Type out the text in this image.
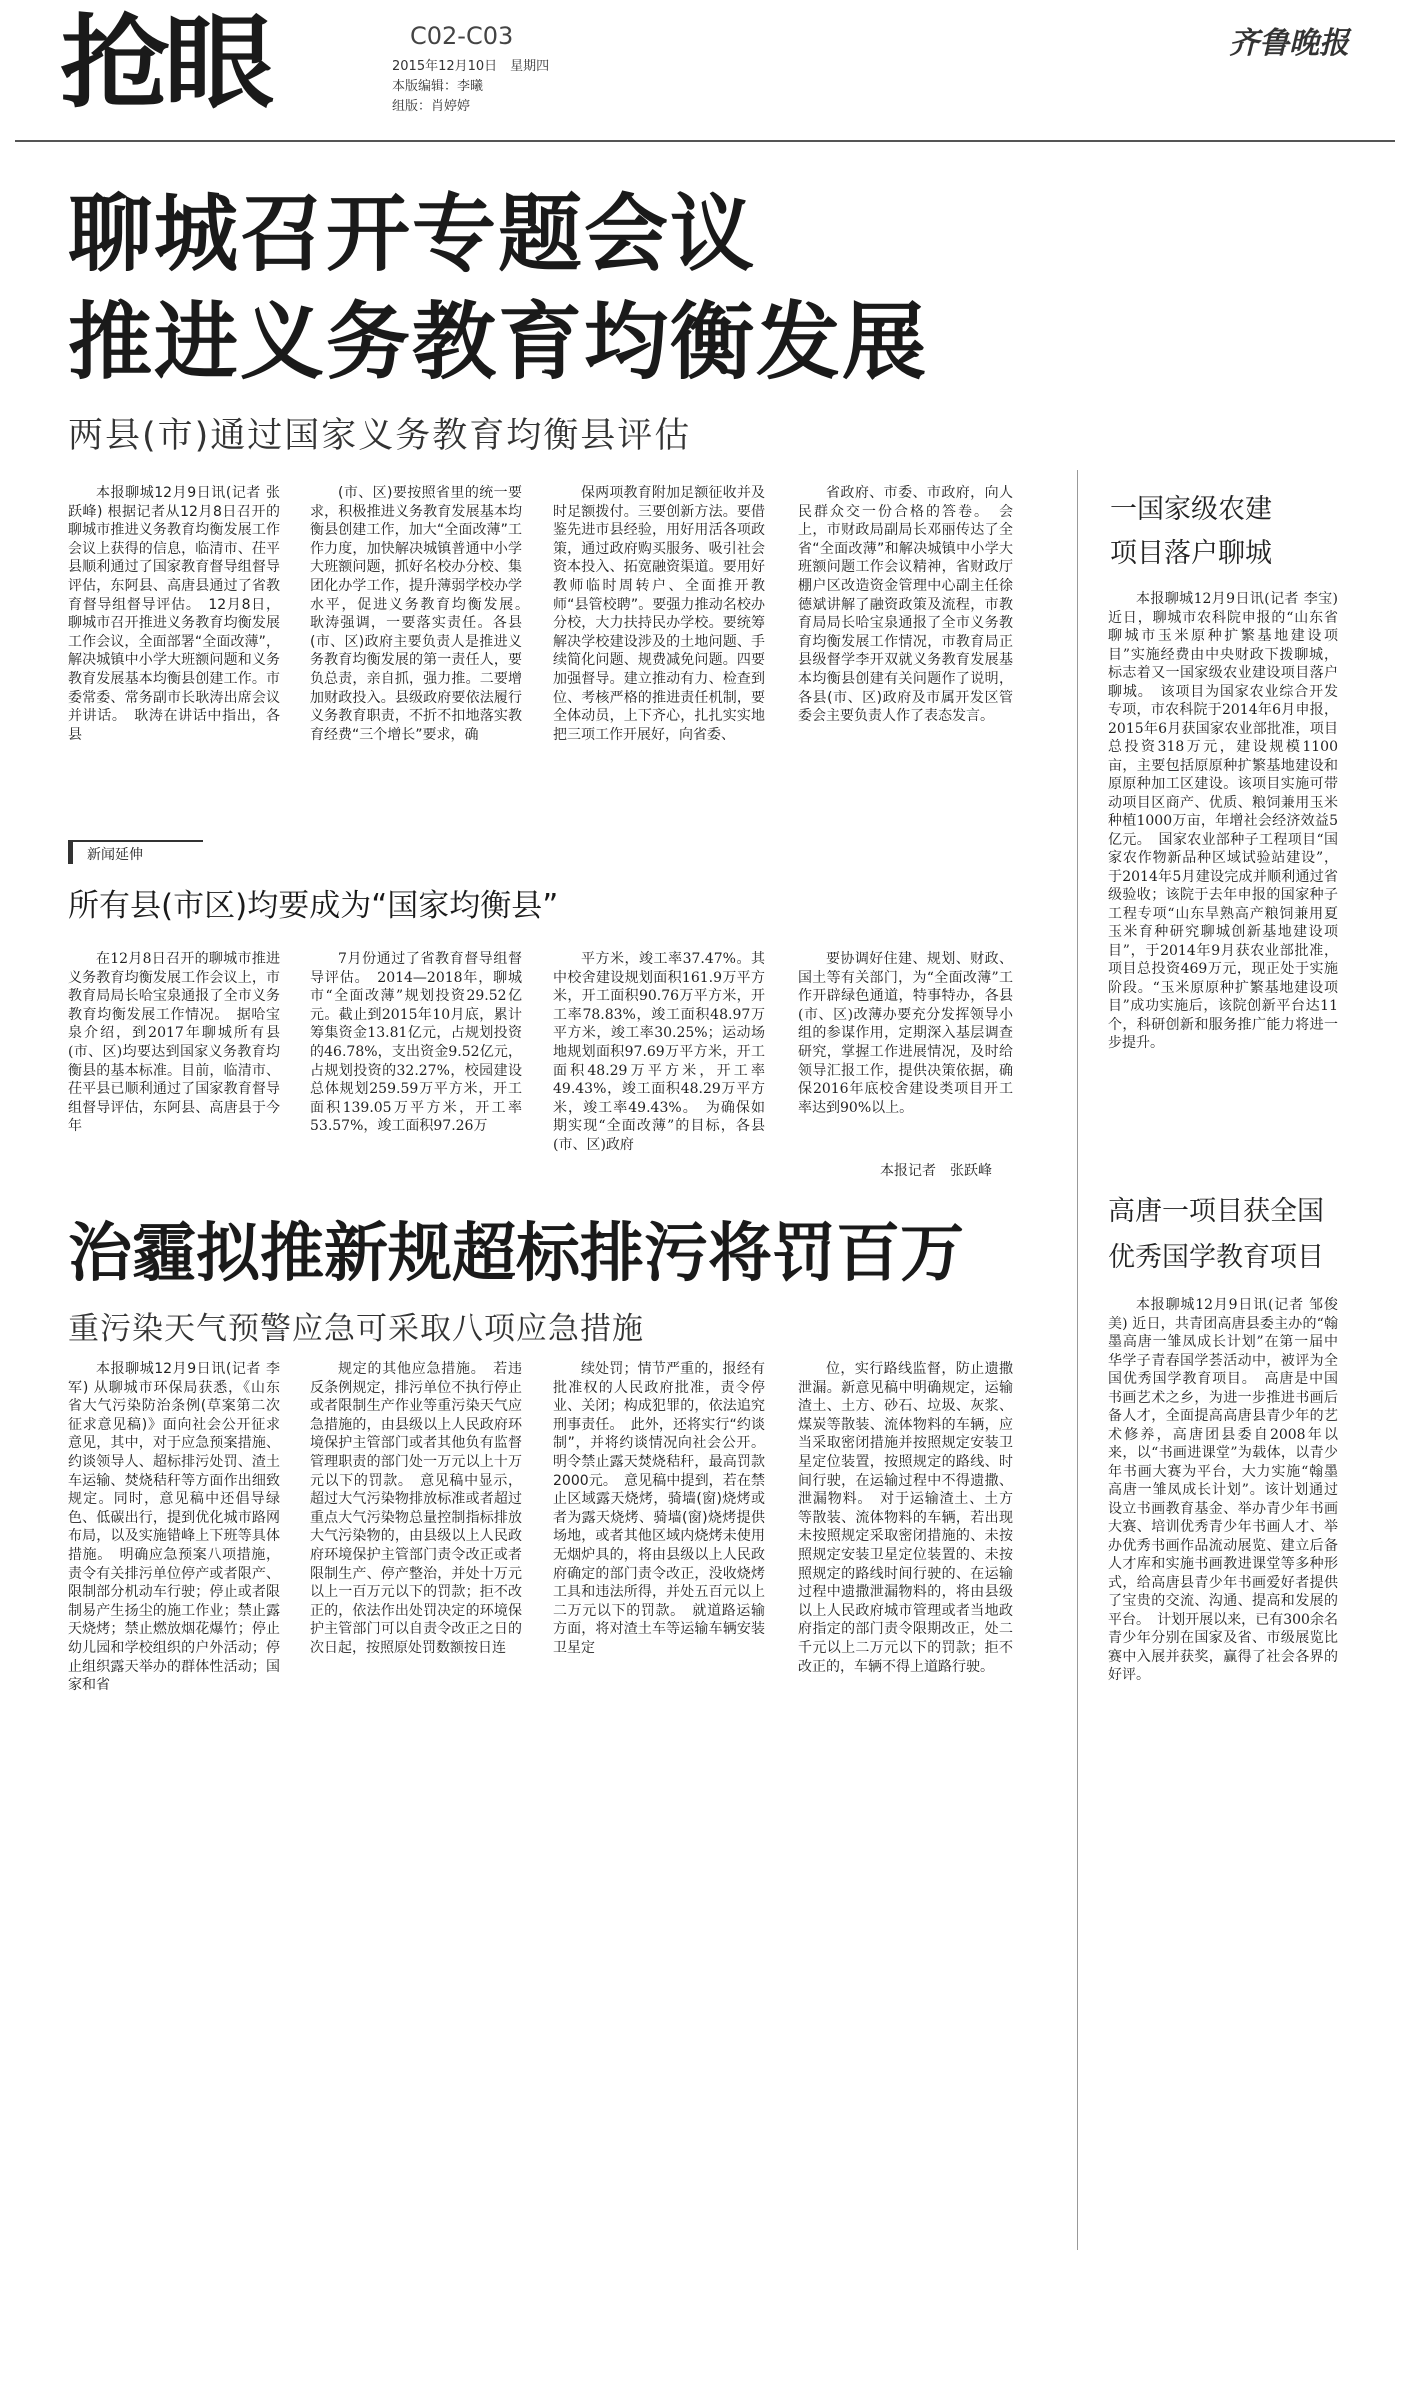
抢眼	C02-C03
2015年12月10日　星期四
本版编辑：李曦
组版：肖婷婷
齐鲁晚报
聊城召开专题会议
推进义务教育均衡发展
两县(市)通过国家义务教育均衡县评估

本报聊城12月9日讯(记者 张跃峰) 根据记者从12月8日召开的聊城市推进义务教育均衡发展工作会议上获得的信息，临清市、茌平县顺利通过了国家教育督导组督导评估，东阿县、高唐县通过了省教育督导组督导评估。　12月8日，聊城市召开推进义务教育均衡发展工作会议，全面部署“全面改薄”，解决城镇中小学大班额问题和义务教育发展基本均衡县创建工作。市委常委、常务副市长耿涛出席会议并讲话。　耿涛在讲话中指出，各县

(市、区)要按照省里的统一要求，积极推进义务教育发展基本均衡县创建工作，加大“全面改薄”工作力度，加快解决城镇普通中小学大班额问题，抓好名校办分校、集团化办学工作，提升薄弱学校办学水平，促进义务教育均衡发展。　耿涛强调，一要落实责任。各县(市、区)政府主要负责人是推进义务教育均衡发展的第一责任人，要负总责，亲自抓，强力推。二要增加财政投入。县级政府要依法履行义务教育职责，不折不扣地落实教育经费“三个增长”要求，确

保两项教育附加足额征收并及时足额拨付。三要创新方法。要借鉴先进市县经验，用好用活各项政策，通过政府购买服务、吸引社会资本投入、拓宽融资渠道。要用好教师临时周转户、全面推开教师“县管校聘”。要强力推动名校办分校，大力扶持民办学校。要统筹解决学校建设涉及的土地问题、手续简化问题、规费减免问题。四要加强督导。建立推动有力、检查到位、考核严格的推进责任机制，要全体动员，上下齐心，扎扎实实地把三项工作开展好，向省委、

省政府、市委、市政府，向人民群众交一份合格的答卷。　会上，市财政局副局长邓丽传达了全省“全面改薄”和解决城镇中小学大班额问题工作会议精神，省财政厅棚户区改造资金管理中心副主任徐德斌讲解了融资政策及流程，市教育局局长哈宝泉通报了全市义务教育均衡发展工作情况，市教育局正县级督学李开双就义务教育发展基本均衡县创建有关问题作了说明，各县(市、区)政府及市属开发区管委会主要负责人作了表态发言。

新闻延伸
所有县(市区)均要成为“国家均衡县”

在12月8日召开的聊城市推进义务教育均衡发展工作会议上，市教育局局长哈宝泉通报了全市义务教育均衡发展工作情况。　据哈宝泉介绍，到2017年聊城所有县(市、区)均要达到国家义务教育均衡县的基本标准。目前，临清市、茌平县已顺利通过了国家教育督导组督导评估，东阿县、高唐县于今年

7月份通过了省教育督导组督导评估。　2014—2018年，聊城市“全面改薄”规划投资29.52亿元。截止到2015年10月底，累计筹集资金13.81亿元，占规划投资的46.78%，支出资金9.52亿元，占规划投资的32.27%，校园建设总体规划259.59万平方米，开工面积139.05万平方米，开工率53.57%，竣工面积97.26万

平方米，竣工率37.47%。其中校舍建设规划面积161.9万平方米，开工面积90.76万平方米，开工率78.83%，竣工面积48.97万平方米，竣工率30.25%；运动场地规划面积97.69万平方米，开工面积48.29万平方米，开工率49.43%，竣工面积48.29万平方米，竣工率49.43%。　为确保如期实现“全面改薄”的目标，各县(市、区)政府

要协调好住建、规划、财政、国土等有关部门，为“全面改薄”工作开辟绿色通道，特事特办，各县(市、区)改薄办要充分发挥领导小组的参谋作用，定期深入基层调查研究，掌握工作进展情况，及时给领导汇报工作，提供决策依据，确保2016年底校舍建设类项目开工率达到90%以上。

本报记者　张跃峰
治霾拟推新规超标排污将罚百万
重污染天气预警应急可采取八项应急措施

本报聊城12月9日讯(记者 李军) 从聊城市环保局获悉，《山东省大气污染防治条例(草案第二次征求意见稿)》面向社会公开征求意见，其中，对于应急预案措施、约谈领导人、超标排污处罚、渣土车运输、焚烧秸秆等方面作出细致规定。同时，意见稿中还倡导绿色、低碳出行，提到优化城市路网布局，以及实施错峰上下班等具体措施。　明确应急预案八项措施，责令有关排污单位停产或者限产、限制部分机动车行驶；停止或者限制易产生扬尘的施工作业；禁止露天烧烤；禁止燃放烟花爆竹；停止幼儿园和学校组织的户外活动；停止组织露天举办的群体性活动；国家和省

规定的其他应急措施。　若违反条例规定，排污单位不执行停止或者限制生产作业等重污染天气应急措施的，由县级以上人民政府环境保护主管部门或者其他负有监督管理职责的部门处一万元以上十万元以下的罚款。　意见稿中显示，超过大气污染物排放标准或者超过重点大气污染物总量控制指标排放大气污染物的，由县级以上人民政府环境保护主管部门责令改正或者限制生产、停产整治，并处十万元以上一百万元以下的罚款；拒不改正的，依法作出处罚决定的环境保护主管部门可以自责令改正之日的次日起，按照原处罚数额按日连

续处罚；情节严重的，报经有批准权的人民政府批准，责令停业、关闭；构成犯罪的，依法追究刑事责任。　此外，还将实行“约谈制”，并将约谈情况向社会公开。明令禁止露天焚烧秸秆，最高罚款2000元。　意见稿中提到，若在禁止区域露天烧烤，骑墙(窗)烧烤或者为露天烧烤、骑墙(窗)烧烤提供场地，或者其他区域内烧烤未使用无烟炉具的，将由县级以上人民政府确定的部门责令改正，没收烧烤工具和违法所得，并处五百元以上二万元以下的罚款。　就道路运输方面，将对渣土车等运输车辆安装卫星定

位，实行路线监督，防止遗撒泄漏。新意见稿中明确规定，运输渣土、土方、砂石、垃圾、灰浆、煤炭等散装、流体物料的车辆，应当采取密闭措施并按照规定安装卫星定位装置，按照规定的路线、时间行驶，在运输过程中不得遗撒、泄漏物料。　对于运输渣土、土方等散装、流体物料的车辆，若出现未按照规定采取密闭措施的、未按照规定安装卫星定位装置的、未按照规定的路线时间行驶的、在运输过程中遗撒泄漏物料的，将由县级以上人民政府城市管理或者当地政府指定的部门责令限期改正，处二千元以上二万元以下的罚款；拒不改正的，车辆不得上道路行驶。

一国家级农建
项目落户聊城

本报聊城12月9日讯(记者 李宝) 近日，聊城市农科院申报的“山东省聊城市玉米原种扩繁基地建设项目”实施经费由中央财政下拨聊城，标志着又一国家级农业建设项目落户聊城。　该项目为国家农业综合开发专项，市农科院于2014年6月申报，2015年6月获国家农业部批准，项目总投资318万元，建设规模1100亩，主要包括原原种扩繁基地建设和原原种加工区建设。该项目实施可带动项目区商产、优质、粮饲兼用玉米种植1000万亩，年增社会经济效益5亿元。　国家农业部种子工程项目“国家农作物新品种区域试验站建设”，于2014年5月建设完成并顺利通过省级验收；该院于去年申报的国家种子工程专项“山东旱熟高产粮饲兼用夏玉米育种研究聊城创新基地建设项目”，于2014年9月获农业部批准，项目总投资469万元，现正处于实施阶段。“玉米原原种扩繁基地建设项目”成功实施后，该院创新平台达11个，科研创新和服务推广能力将进一步提升。

高唐一项目获全国
优秀国学教育项目

本报聊城12月9日讯(记者 邹俊美) 近日，共青团高唐县委主办的“翰墨高唐一雏凤成长计划”在第一届中华学子青春国学荟活动中，被评为全国优秀国学教育项目。　高唐是中国书画艺术之乡，为进一步推进书画后备人才，全面提高高唐县青少年的艺术修养，高唐团县委自2008年以来，以“书画进课堂”为载体，以青少年书画大赛为平台，大力实施“翰墨高唐一雏凤成长计划”。该计划通过设立书画教育基金、举办青少年书画大赛、培训优秀青少年书画人才、举办优秀书画作品流动展览、建立后备人才库和实施书画教进课堂等多种形式，给高唐县青少年书画爱好者提供了宝贵的交流、沟通、提高和发展的平台。　计划开展以来，已有300余名青少年分别在国家及省、市级展览比赛中入展并获奖，赢得了社会各界的好评。
